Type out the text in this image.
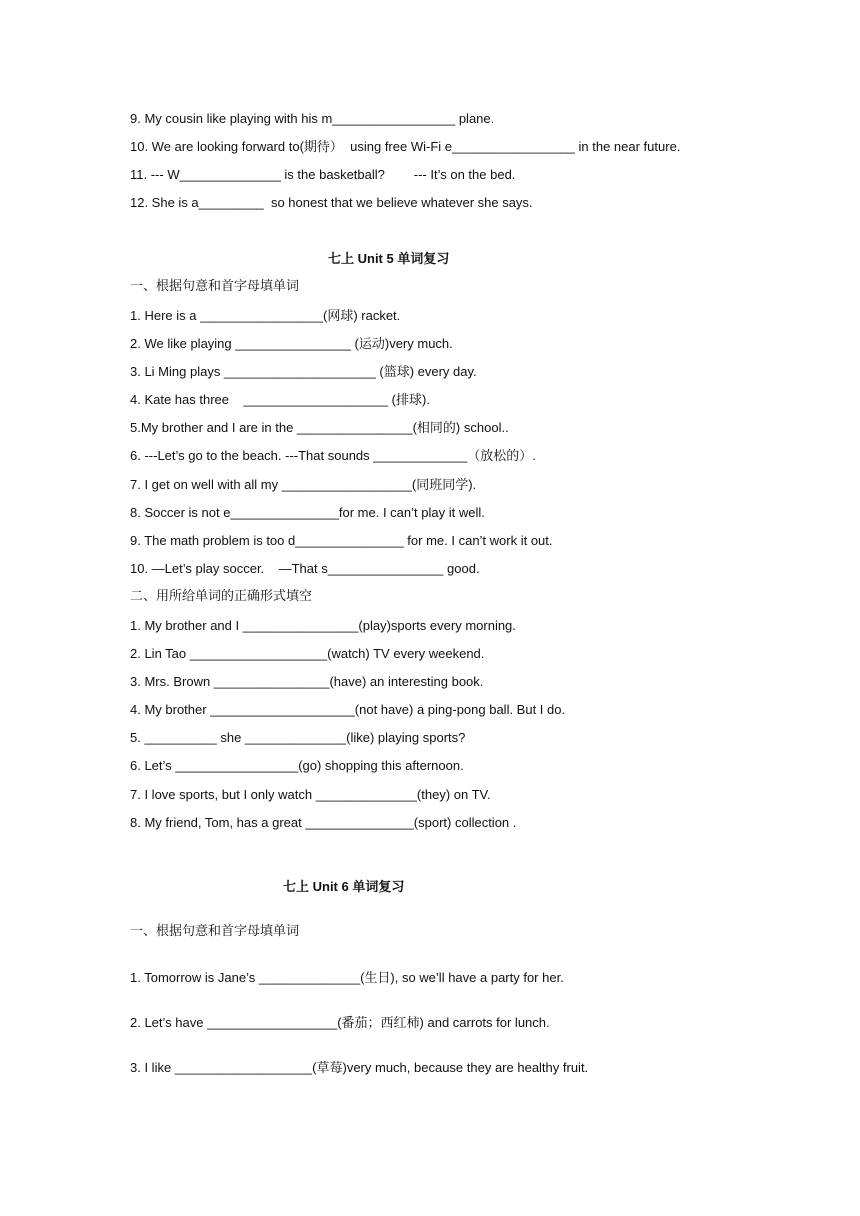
9. My cousin like playing with his m_________________ plane.
10. We are looking forward to(期待）  using free Wi-Fi e_________________ in the near future.
11. --- W______________ is the basketball?        --- It’s on the bed.
12. She is a_________  so honest that we believe whatever she says.
七上 Unit 5 单词复习
一、根据句意和首字母填单词
1. Here is a _________________(网球) racket.
2. We like playing ________________ (运动)very much.
3. Li Ming plays _____________________ (篮球) every day.
4. Kate has three    ____________________ (排球).
5.My brother and I are in the ________________(相同的) school..
6. ---Let’s go to the beach. ---That sounds _____________（放松的）.
7. I get on well with all my __________________(同班同学).
8. Soccer is not e_______________for me. I can’t play it well.
9. The math problem is too d_______________ for me. I can’t work it out.
10. —Let’s play soccer.    —That s________________ good.
二、用所给单词的正确形式填空
1. My brother and I ________________(play)sports every morning.
2. Lin Tao ___________________(watch) TV every weekend.
3. Mrs. Brown ________________(have) an interesting book.
4. My brother ____________________(not have) a ping-pong ball. But I do.
5. __________ she ______________(like) playing sports?
6. Let’s _________________(go) shopping this afternoon.
7. I love sports, but I only watch ______________(they) on TV.
8. My friend, Tom, has a great _______________(sport) collection .
七上 Unit 6 单词复习
一、根据句意和首字母填单词
1. Tomorrow is Jane’s ______________(生日), so we’ll have a party for her.
2. Let’s have __________________(番茄；西红柿) and carrots for lunch.
3. I like ___________________(草莓)very much, because they are healthy fruit.
